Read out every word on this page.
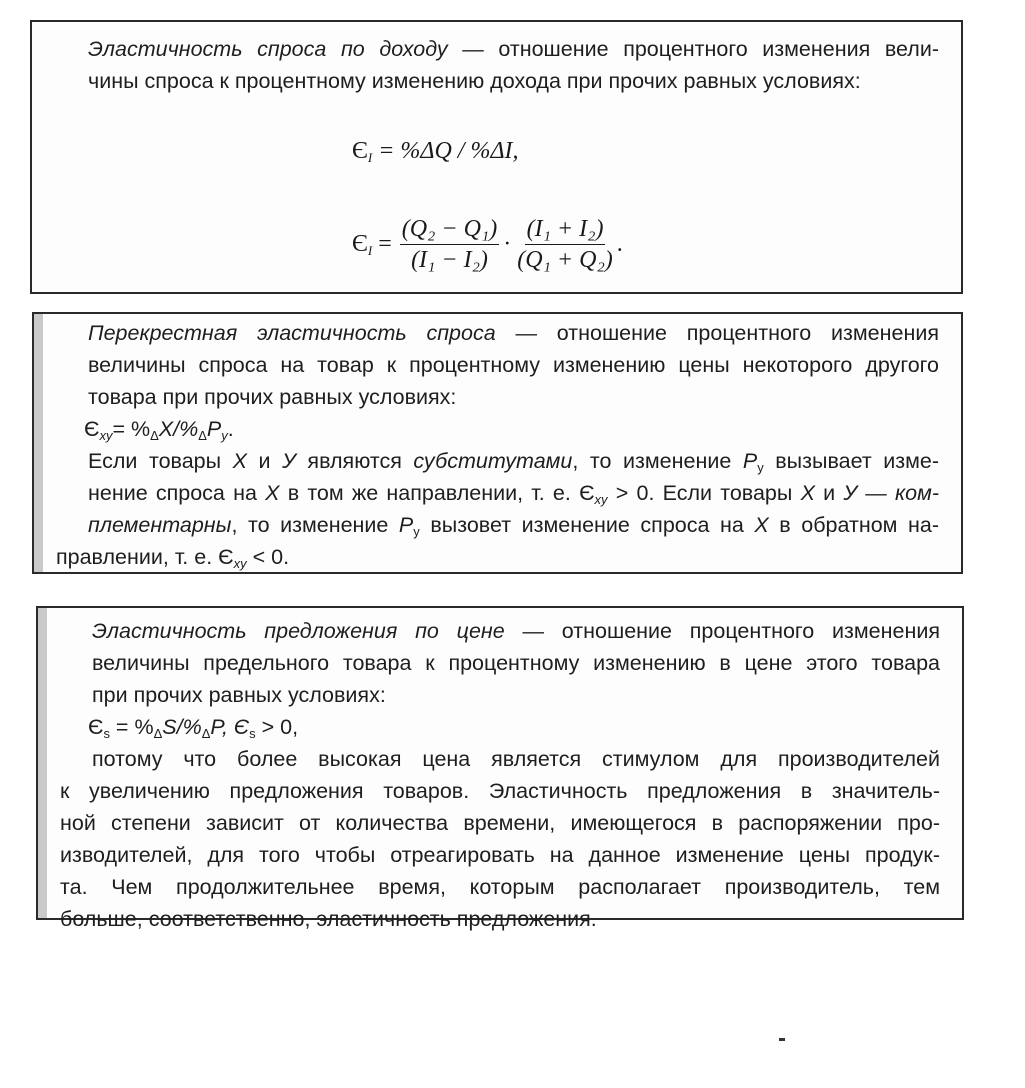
Эластичность спроса по доходу — отношение процентного изменения вели-
чины спроса к процентному изменению дохода при прочих равных условиях:

$Є_I = \%\Delta Q / \%\Delta I$,
$Є_I = \frac{\text{(Q₂ − Q₁)}}{\text{(I₁ − I₂)}} \cdot \frac{\text{(I₁ + I₂)}}{\text{(Q₁ + Q₂)}}$ .

Перекрестная эластичность спроса — отношение процентного изменения
величины спроса на товар к процентному изменению цены некоторого другого
товара при прочих равных условиях:

$Є_{xy}= \%_\Delta X/\%_\Delta P_y$.

Если товары X и У являются субститутами, то изменение $P_y$ вызывает изме-
нение спроса на X в том же направлении, т. е. $Є_{xy} > 0$. Если товары X и У — ком-
плементарны, то изменение $P_y$ вызовет изменение спроса на X в обратном на-
правлении, т. е. $Є_{xy} < 0$.

Эластичность предложения по цене — отношение процентного изменения
величины предельного товара к процентному изменению в цене этого товара
при прочих равных условиях:

$Є_s = \%_\Delta S/\%_\Delta P$, $Є_s > 0$,

потому что более высокая цена является стимулом для производителей
к увеличению предложения товаров. Эластичность предложения в значитель-
ной степени зависит от количества времени, имеющегося в распоряжении про-
изводителей, для того чтобы отреагировать на данное изменение цены продук-
та. Чем продолжительнее время, которым располагает производитель, тем
больше, соответственно, эластичность предложения.
